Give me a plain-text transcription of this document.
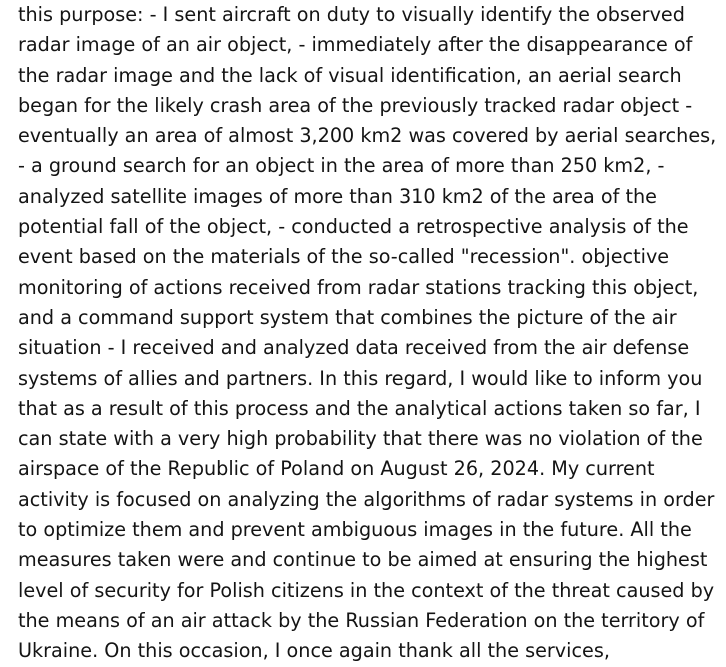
this purpose: - I sent aircraft on duty to visually identify the observed
radar image of an air object, - immediately after the disappearance of
the radar image and the lack of visual identification, an aerial search
began for the likely crash area of the previously tracked radar object -
eventually an area of almost 3,200 km2 was covered by aerial searches,
- a ground search for an object in the area of more than 250 km2, -
analyzed satellite images of more than 310 km2 of the area of the
potential fall of the object, - conducted a retrospective analysis of the
event based on the materials of the so-called "recession". objective
monitoring of actions received from radar stations tracking this object,
and a command support system that combines the picture of the air
situation - I received and analyzed data received from the air defense
systems of allies and partners. In this regard, I would like to inform you
that as a result of this process and the analytical actions taken so far, I
can state with a very high probability that there was no violation of the
airspace of the Republic of Poland on August 26, 2024. My current
activity is focused on analyzing the algorithms of radar systems in order
to optimize them and prevent ambiguous images in the future. All the
measures taken were and continue to be aimed at ensuring the highest
level of security for Polish citizens in the context of the threat caused by
the means of an air attack by the Russian Federation on the territory of
Ukraine. On this occasion, I once again thank all the services,
